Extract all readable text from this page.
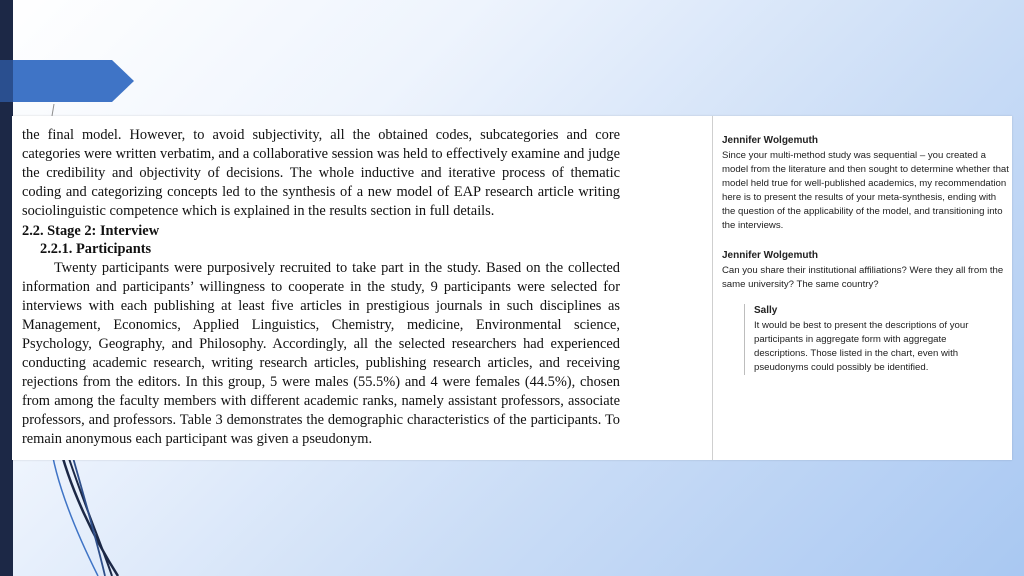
the final model. However, to avoid subjectivity, all the obtained codes, subcategories and core categories were written verbatim, and a collaborative session was held to effectively examine and judge the credibility and objectivity of decisions. The whole inductive and iterative process of thematic coding and categorizing concepts led to the synthesis of a new model of EAP research article writing sociolinguistic competence which is explained in the results section in full details.

2.2. Stage 2: Interview

2.2.1. Participants

Twenty participants were purposively recruited to take part in the study. Based on the collected information and participants’ willingness to cooperate in the study, 9 participants were selected for interviews with each publishing at least five articles in prestigious journals in such disciplines as Management, Economics, Applied Linguistics, Chemistry, medicine, Environmental science, Psychology, Geography, and Philosophy. Accordingly, all the selected researchers had experienced conducting academic research, writing research articles, publishing research articles, and receiving rejections from the editors. In this group, 5 were males (55.5%) and 4 were females (44.5%), chosen from among the faculty members with different academic ranks, namely assistant professors, associate professors, and professors. Table 3 demonstrates the demographic characteristics of the participants. To remain anonymous each participant was given a pseudonym.

Jennifer Wolgemuth
Since your multi-method study was sequential – you created a model from the literature and then sought to determine whether that model held true for well-published academics, my recommendation here is to present the results of your meta-synthesis, ending with the question of the applicability of the model, and transitioning into the interviews.
Jennifer Wolgemuth
Can you share their institutional affiliations? Were they all from the same university? The same country?
Sally
It would be best to present the descriptions of your participants in aggregate form with aggregate descriptions. Those listed in the chart, even with pseudonyms could possibly be identified.
